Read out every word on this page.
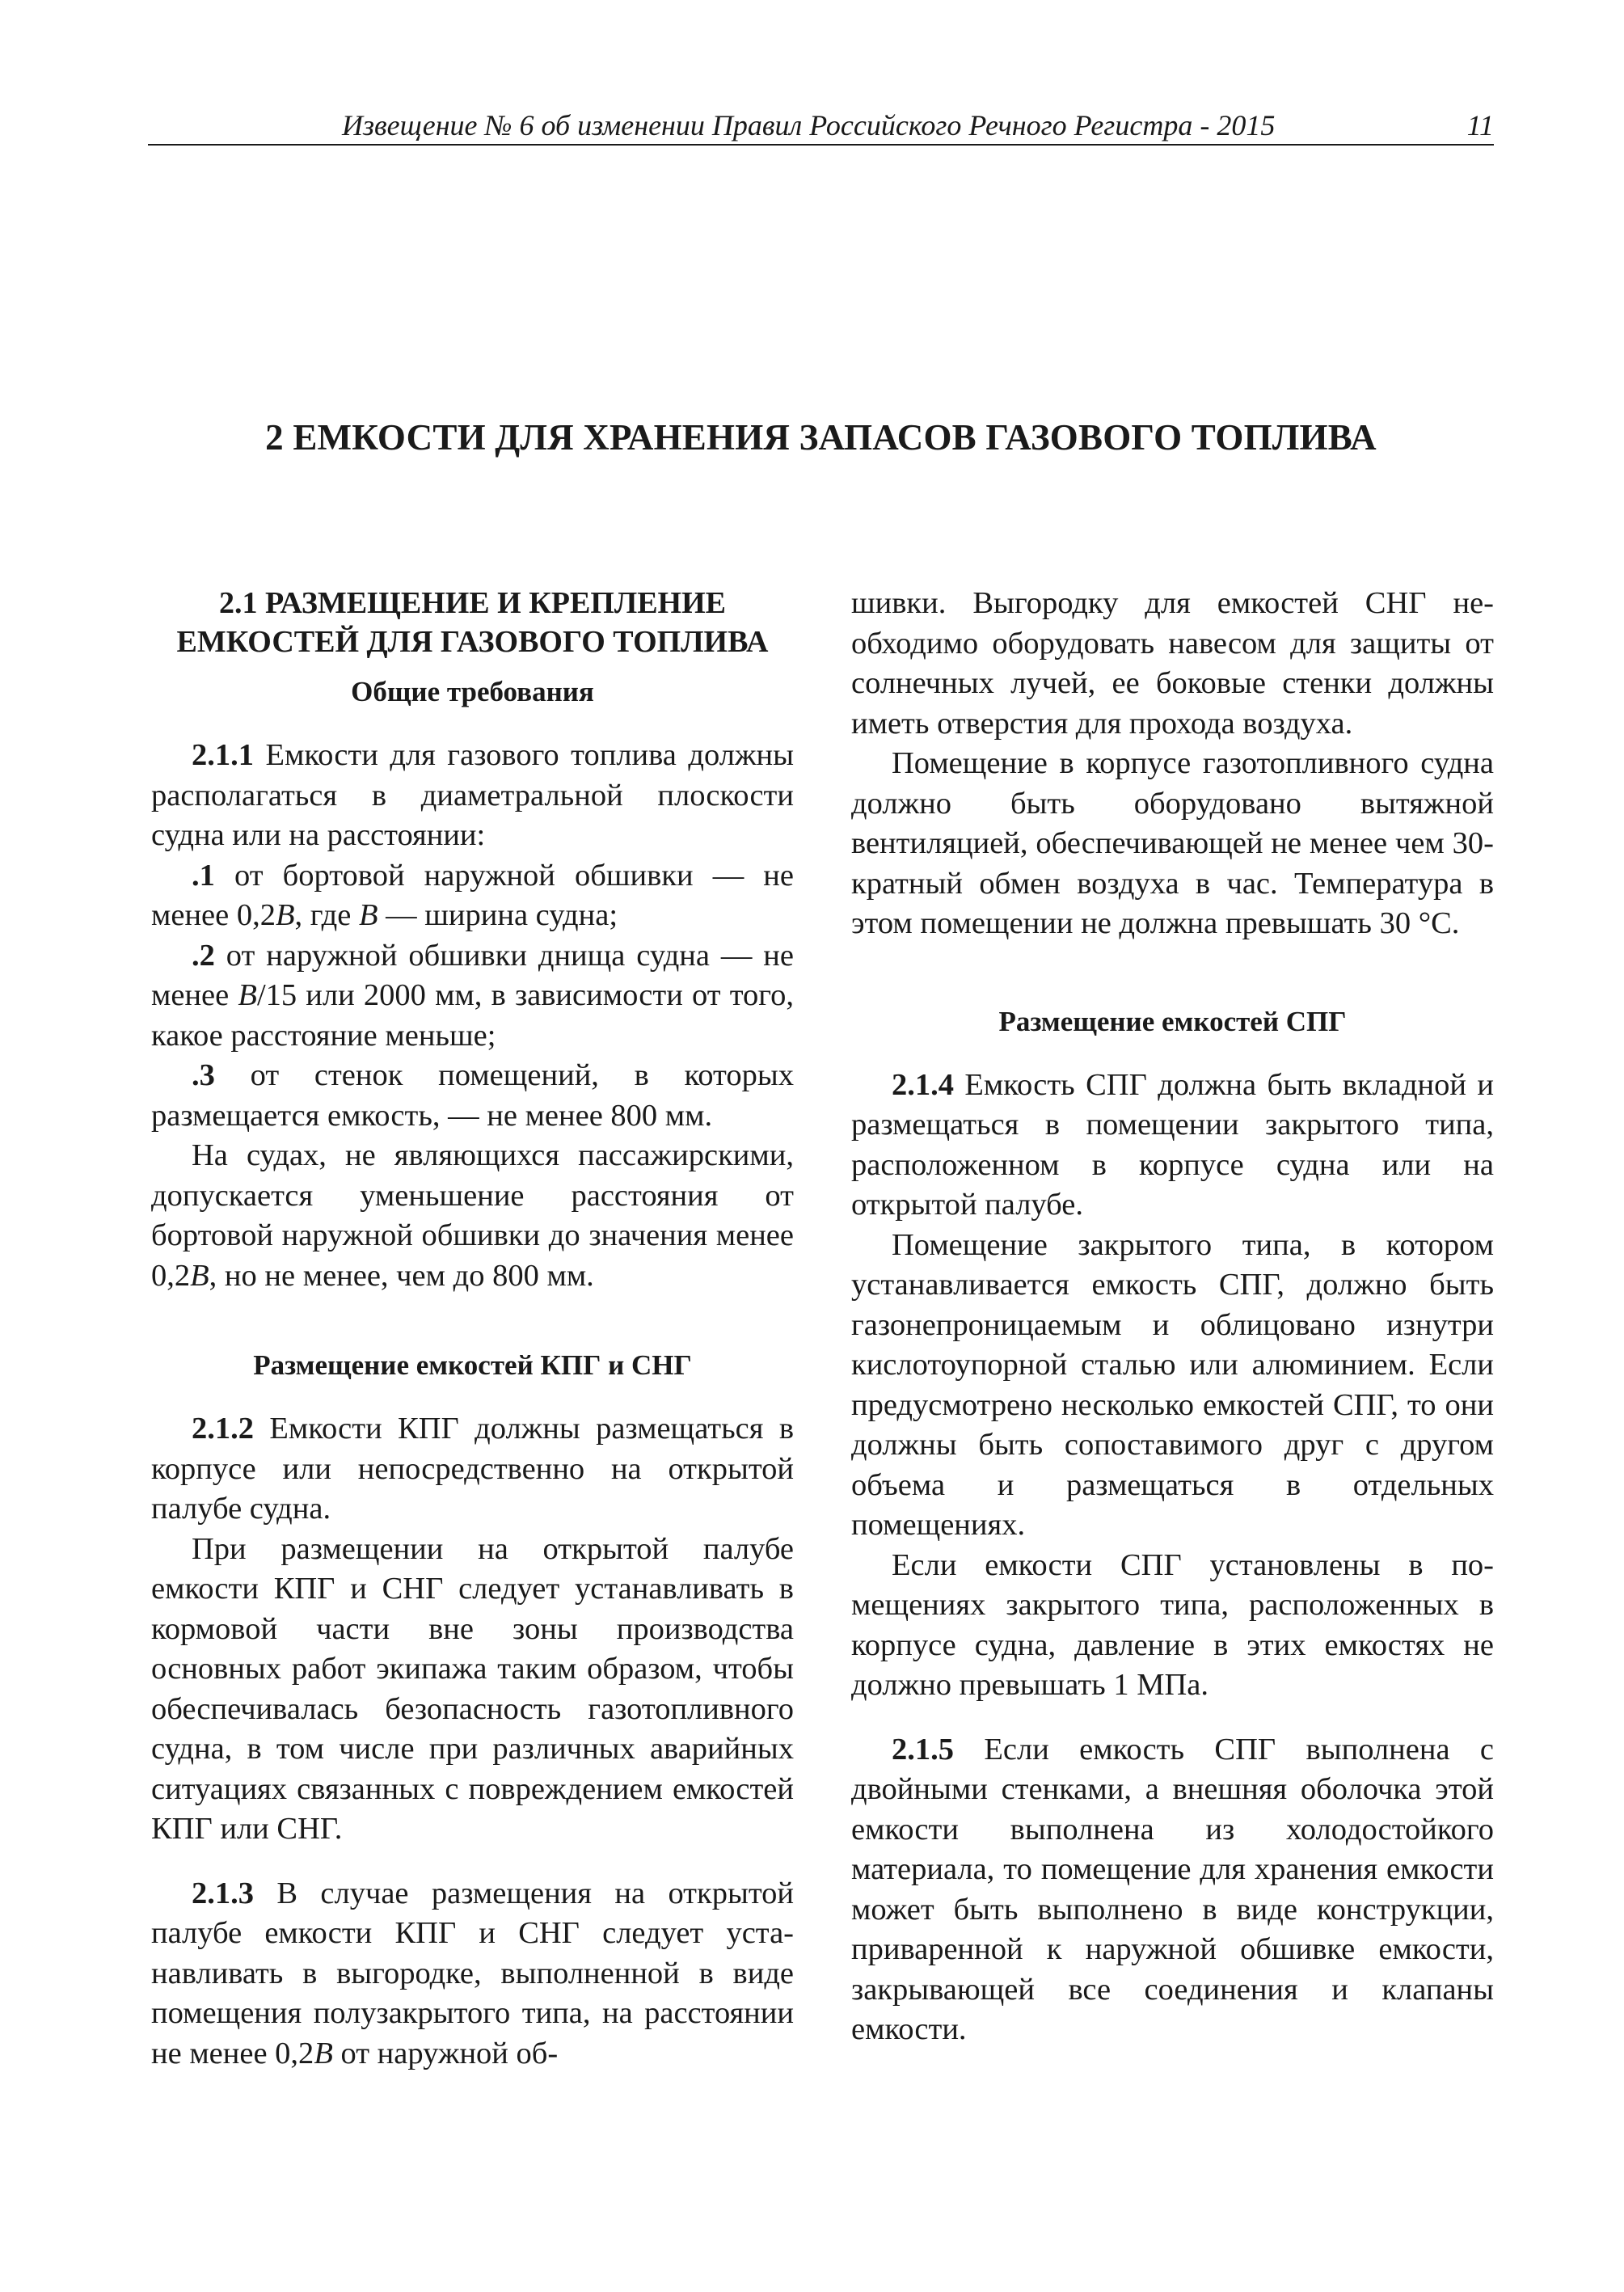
Извещение № 6 об изменении Правил Российского Речного Регистра - 2015	11
2 ЕМКОСТИ ДЛЯ ХРАНЕНИЯ ЗАПАСОВ ГАЗОВОГО ТОПЛИВА
2.1 РАЗМЕЩЕНИЕ И КРЕПЛЕНИЕ
ЕМКОСТЕЙ ДЛЯ ГАЗОВОГО ТОПЛИВА
Общие требования

2.1.1 Емкости для газового топлива должны располагаться в диаметральной плоскости судна или на расстоянии:

.1 от бортовой наружной обшивки — не менее 0,2B, где B — ширина судна;

.2 от наружной обшивки днища судна — не менее B/15 или 2000 мм, в зависимости от того, какое расстояние меньше;

.3 от стенок помещений, в которых размещается емкость, — не менее 800 мм.

На судах, не являющихся пассажирскими, допускается уменьшение расстояния от бортовой наружной обшивки до значения менее 0,2B, но не менее, чем до 800 мм.

Размещение емкостей КПГ и СНГ

2.1.2 Емкости КПГ должны размещаться в корпусе или непосредственно на открытой палубе судна.

При размещении на открытой палубе емкости КПГ и СНГ следует устанавливать в кормовой части вне зоны производства основных работ экипажа таким образом, чтобы обеспечивалась безопасность газотопливного судна, в том числе при различных аварийных ситуациях связанных с повреждением емкостей КПГ или СНГ.

2.1.3 В случае размещения на открытой палубе емкости КПГ и СНГ следует устанавливать в выгородке, выполненной в виде помещения полузакрытого типа, на расстоянии не менее 0,2B от наружной об-

шивки. Выгородку для емкостей СНГ необходимо оборудовать навесом для защиты от солнечных лучей, ее боковые стенки должны иметь отверстия для прохода воздуха.

Помещение в корпусе газотопливного судна должно быть оборудовано вытяжной вентиляцией, обеспечивающей не менее чем 30-кратный обмен воздуха в час. Температура в этом помещении не должна превышать 30 °С.

Размещение емкостей СПГ

2.1.4 Емкость СПГ должна быть вкладной и размещаться в помещении закрытого типа, расположенном в корпусе судна или на открытой палубе.

Помещение закрытого типа, в котором устанавливается емкость СПГ, должно быть газонепроницаемым и облицовано изнутри кислотоупорной сталью или алюминием. Если предусмотрено несколько емкостей СПГ, то они должны быть сопоставимого друг с другом объема и размещаться в отдельных помещениях.

Если емкости СПГ установлены в помещениях закрытого типа, расположенных в корпусе судна, давление в этих емкостях не должно превышать 1 МПа.

2.1.5 Если емкость СПГ выполнена с двойными стенками, а внешняя оболочка этой емкости выполнена из холодостойкого материала, то помещение для хранения емкости может быть выполнено в виде конструкции, приваренной к наружной обшивке емкости, закрывающей все соединения и клапаны емкости.
